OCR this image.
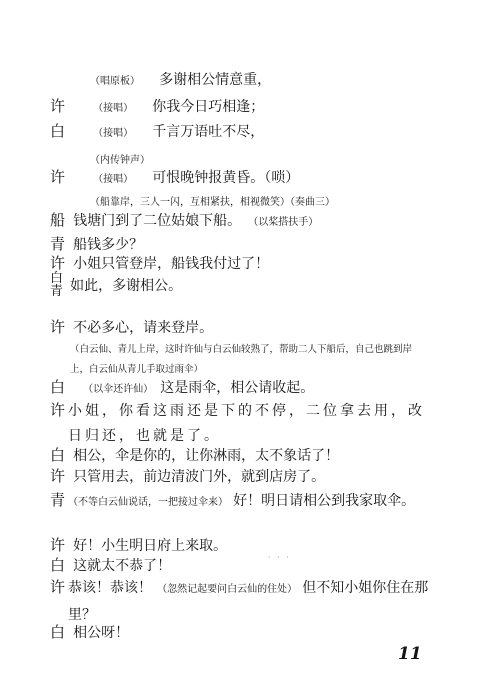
（唱原板） 多谢相公情意重，
许	（接唱） 你我今日巧相逢；
白	（接唱） 千言万语吐不尽，
（内传钟声）
许	（接唱） 可恨晚钟报黄昏。（唢）
（船靠岸，三人一闪，互相紧扶，相视微笑）（奏曲三）
船 钱塘门到了二位姑娘下船。 （以桨搭扶手）
青 船钱多少？
许 小姐只管登岸，船钱我付过了！
白
青 如此，多谢相公。
许 不必多心，请来登岸。
（白云仙、青儿上岸，这时许仙与白云仙较熟了，帮助二人下船后，自己也跳到岸上，白云仙从青儿手取过雨伞）
白 （以伞还许仙） 这是雨伞，相公请收起。
许 小姐，你看这雨还是下的不停，二位拿去用，改日归还，也就是了。
白 相公，伞是你的，让你淋雨，太不象话了！
许 只管用去，前边清波门外，就到店房了。
青 （不等白云仙说话，一把接过伞来） 好！明日请相公到我家取伞。
许 好！小生明日府上来取。
白 这就太不恭了！
· · ·
许 恭该！恭该！ （忽然记起要问白云仙的住处） 但不知小姐你住在那里？
白 相公呀！
11
